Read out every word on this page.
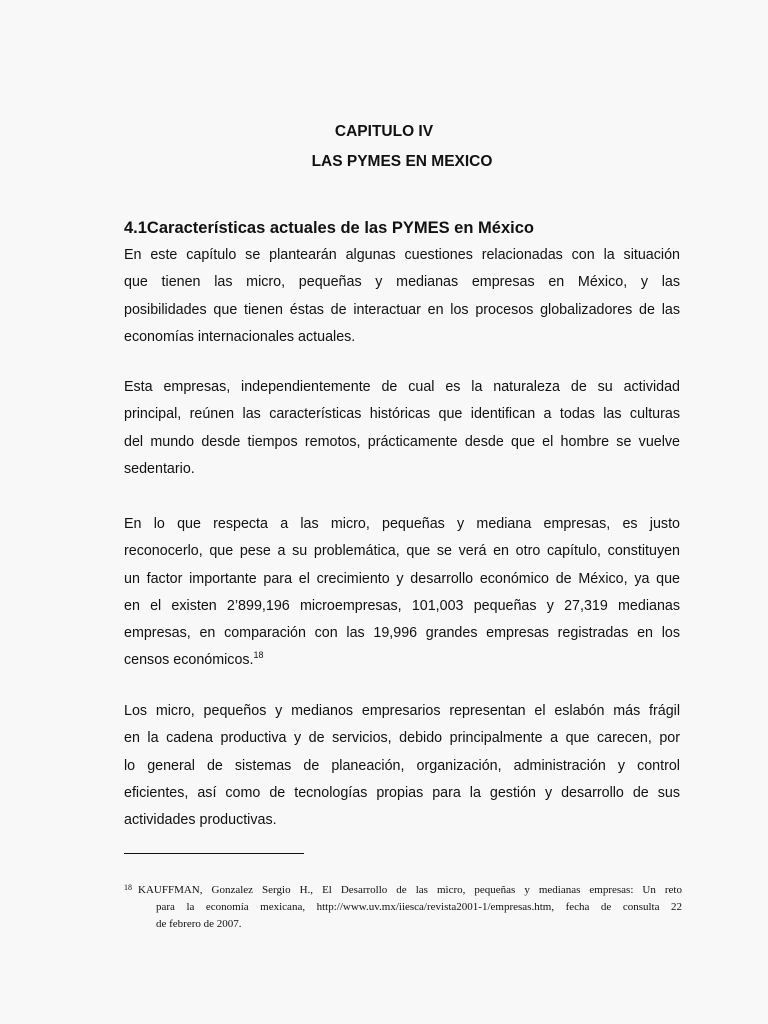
CAPITULO IV
LAS PYMES EN MEXICO
4.1Características actuales de las PYMES en México

En este capítulo se plantearán algunas cuestiones relacionadas con la situación
que tienen las micro, pequeñas y medianas empresas en México, y las
posibilidades que tienen éstas de interactuar en los procesos globalizadores de las
economías internacionales actuales.

Esta empresas, independientemente de cual es la naturaleza de su actividad
principal, reúnen las características históricas que identifican a todas las culturas
del mundo desde tiempos remotos, prácticamente desde que el hombre se vuelve
sedentario.

En lo que respecta a las micro, pequeñas y mediana empresas, es justo
reconocerlo, que pese a su problemática, que se verá en otro capítulo, constituyen
un factor importante para el crecimiento y desarrollo económico de México, ya que
en el existen 2’899,196 microempresas, 101,003 pequeñas y 27,319 medianas
empresas, en comparación con las 19,996 grandes empresas registradas en los
censos económicos.$^{18}$

Los micro, pequeños y medianos empresarios representan el eslabón más frágil
en la cadena productiva y de servicios, debido principalmente a que carecen, por
lo general de sistemas de planeación, organización, administración y control
eficientes, así como de tecnologías propias para la gestión y desarrollo de sus
actividades productivas.

18 KAUFFMAN, Gonzalez Sergio H., El Desarrollo de las micro, pequeñas y medianas empresas: Un reto
para la economía mexicana, http://www.uv.mx/iiesca/revista2001-1/empresas.htm, fecha de consulta 22
de febrero de 2007.
